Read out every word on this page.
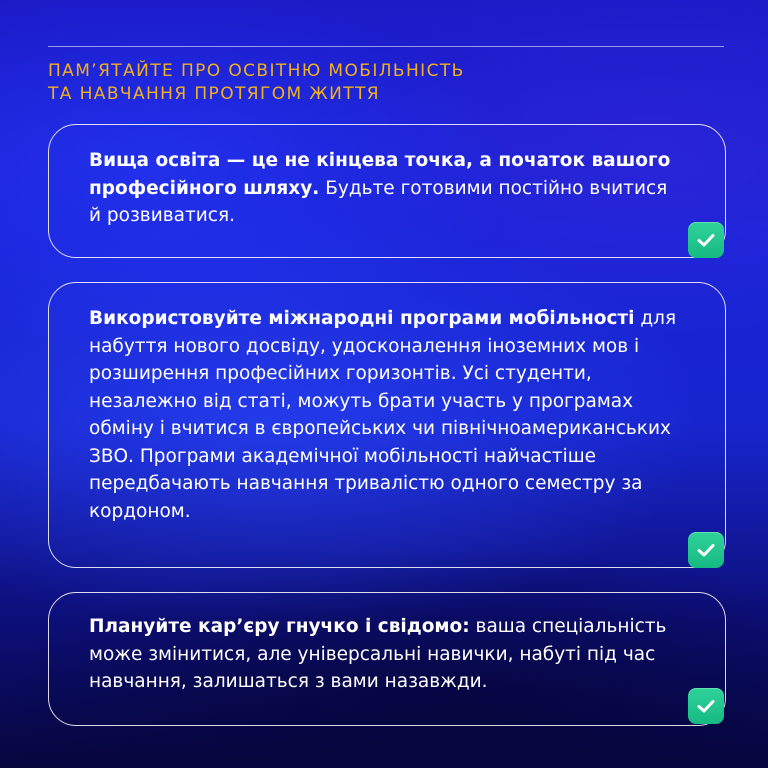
ПАМ’ЯТАЙТЕ ПРО ОСВІТНЮ МОБІЛЬНІСТЬ
ТА НАВЧАННЯ ПРОТЯГОМ ЖИТТЯ
Вища освіта — це не кінцева точка, а початок вашого професійного шляху. Будьте готовими постійно вчитися й розвиватися.
Використовуйте міжнародні програми мобільності для набуття нового досвіду, удосконалення іноземних мов і розширення професійних горизонтів. Усі студенти, незалежно від статі, можуть брати участь у програмах обміну і вчитися в європейських чи північноамериканських ЗВО. Програми академічної мобільності найчастіше передбачають навчання тривалістю одного семестру за кордоном.
Плануйте кар’єру гнучко і свідомо: ваша спеціальність може змінитися, але універсальні навички, набуті під час навчання, залишаться з вами назавжди.
